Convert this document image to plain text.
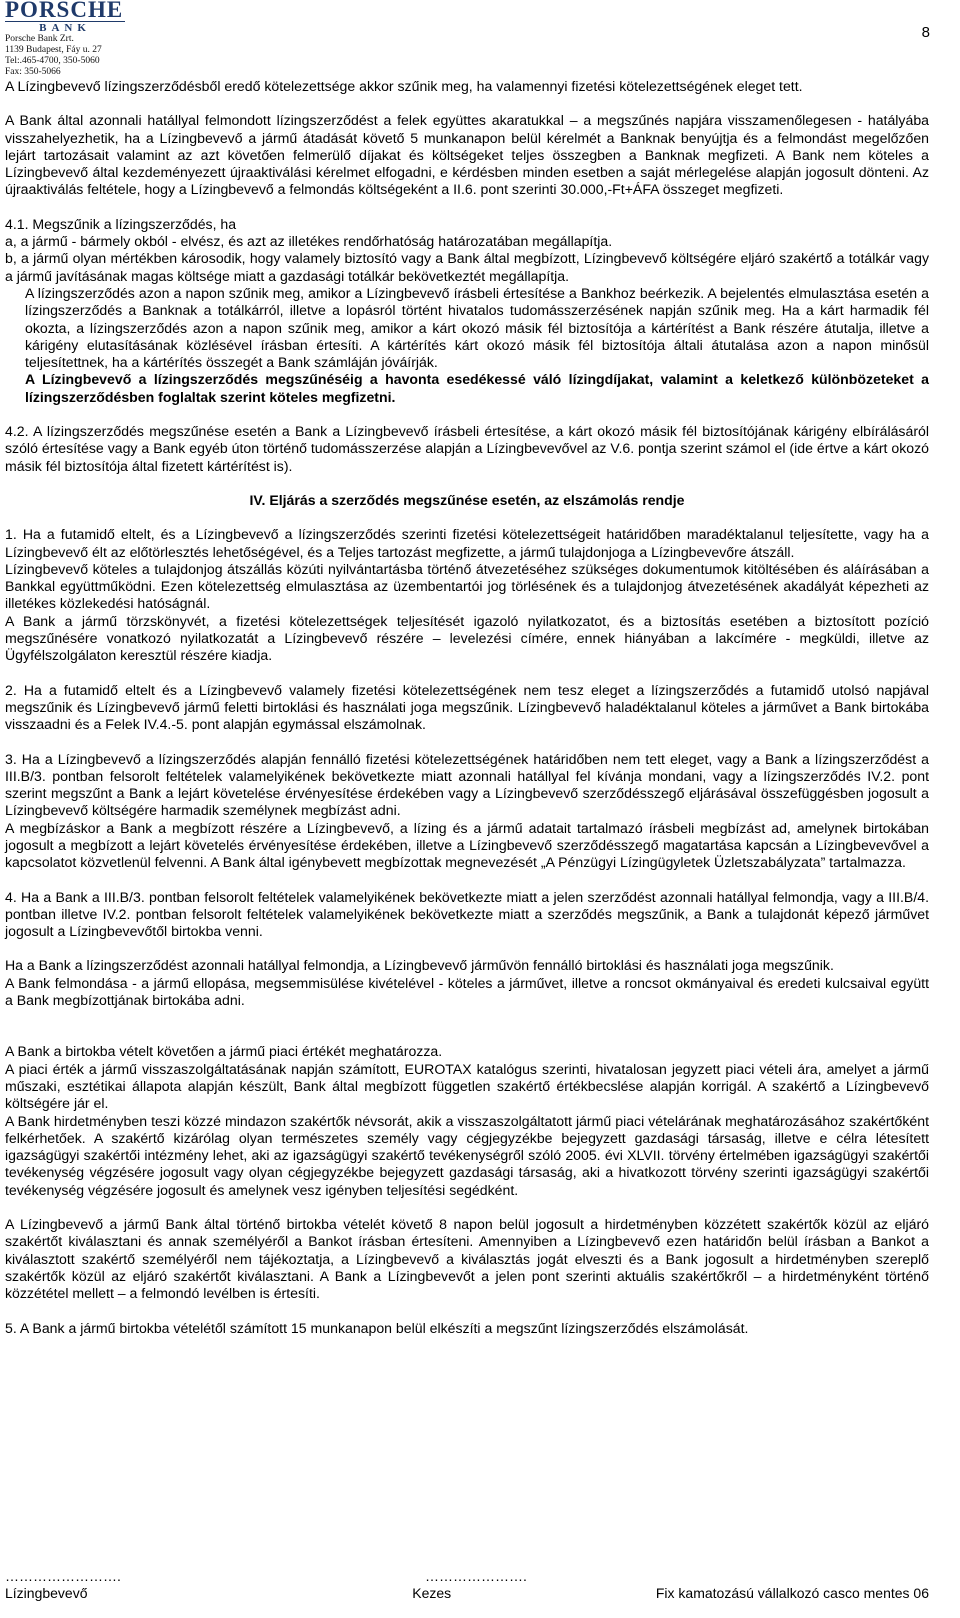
PORSCHE
BANK
Porsche Bank Zrt.
1139 Budapest, Fáy u. 27
Tel:.465-4700, 350-5060
Fax: 350-5066
8

A Lízingbevevő lízingszerződésből eredő kötelezettsége akkor szűnik meg, ha valamennyi fizetési kötelezettségének eleget tett.

A Bank által azonnali hatállyal felmondott lízingszerződést a felek együttes akaratukkal – a megszűnés napjára visszamenőlegesen - hatályába visszahelyezhetik, ha a Lízingbevevő a jármű átadását követő 5 munkanapon belül kérelmét a Banknak benyújtja és a felmondást megelőzően lejárt tartozásait valamint az azt követően felmerülő díjakat és költségeket teljes összegben a Banknak megfizeti. A Bank nem köteles a Lízingbevevő által kezdeményezett újraaktiválási kérelmet elfogadni, e kérdésben minden esetben a saját mérlegelése alapján jogosult dönteni. Az újraaktiválás feltétele, hogy a Lízingbevevő a felmondás költségeként a II.6. pont szerinti 30.000,-Ft+ÁFA összeget megfizeti.

4.1. Megszűnik a lízingszerződés, ha

a, a jármű - bármely okból - elvész, és azt az illetékes rendőrhatóság határozatában megállapítja.

b, a jármű olyan mértékben károsodik, hogy valamely biztosító vagy a Bank által megbízott, Lízingbevevő költségére eljáró szakértő a totálkár vagy a jármű javításának magas költsége miatt a gazdasági totálkár bekövetkeztét megállapítja.

A lízingszerződés azon a napon szűnik meg, amikor a Lízingbevevő írásbeli értesítése a Bankhoz beérkezik. A bejelentés elmulasztása esetén a lízingszerződés a Banknak a totálkárról, illetve a lopásról történt hivatalos tudomásszerzésének napján szűnik meg. Ha a kárt harmadik fél okozta, a lízingszerződés azon a napon szűnik meg, amikor a kárt okozó másik fél biztosítója a kártérítést a Bank részére átutalja, illetve a kárigény elutasításának közlésével írásban értesíti. A kártérítés kárt okozó másik fél biztosítója általi átutalása azon a napon minősül teljesítettnek, ha a kártérítés összegét a Bank számláján jóváírják.

A Lízingbevevő a lízingszerződés megszűnéséig a havonta esedékessé váló lízingdíjakat, valamint a keletkező különbözeteket a lízingszerződésben foglaltak szerint köteles megfizetni.

4.2. A lízingszerződés megszűnése esetén a Bank a Lízingbevevő írásbeli értesítése, a kárt okozó másik fél biztosítójának kárigény elbírálásáról szóló értesítése vagy a Bank egyéb úton történő tudomásszerzése alapján a Lízingbevevővel az V.6. pontja szerint számol el (ide értve a kárt okozó másik fél biztosítója által fizetett kártérítést is).

IV. Eljárás a szerződés megszűnése esetén, az elszámolás rendje

1. Ha a futamidő eltelt, és a Lízingbevevő a lízingszerződés szerinti fizetési kötelezettségeit határidőben maradéktalanul teljesítette, vagy ha a Lízingbevevő élt az előtörlesztés lehetőségével, és a Teljes tartozást megfizette, a jármű tulajdonjoga a Lízingbevevőre átszáll.

Lízingbevevő köteles a tulajdonjog átszállás közúti nyilvántartásba történő átvezetéséhez szükséges dokumentumok kitöltésében és aláírásában a Bankkal együttműködni. Ezen kötelezettség elmulasztása az üzembentartói jog törlésének és a tulajdonjog átvezetésének akadályát képezheti az illetékes közlekedési hatóságnál.

A Bank a jármű törzskönyvét, a fizetési kötelezettségek teljesítését igazoló nyilatkozatot, és a biztosítás esetében a biztosított pozíció megszűnésére vonatkozó nyilatkozatát a Lízingbevevő részére – levelezési címére, ennek hiányában a lakcímére - megküldi, illetve az Ügyfélszolgálaton keresztül részére kiadja.

2. Ha a futamidő eltelt és a Lízingbevevő valamely fizetési kötelezettségének nem tesz eleget a lízingszerződés a futamidő utolsó napjával megszűnik és Lízingbevevő jármű feletti birtoklási és használati joga megszűnik. Lízingbevevő haladéktalanul köteles a járművet a Bank birtokába visszaadni és a Felek IV.4.-5. pont alapján egymással elszámolnak.

3. Ha a Lízingbevevő a lízingszerződés alapján fennálló fizetési kötelezettségének határidőben nem tett eleget, vagy a Bank a lízingszerződést a III.B/3. pontban felsorolt feltételek valamelyikének bekövetkezte miatt azonnali hatállyal fel kívánja mondani, vagy a lízingszerződés IV.2. pont szerint megszűnt a Bank a lejárt követelése érvényesítése érdekében vagy a Lízingbevevő szerződésszegő eljárásával összefüggésben jogosult a Lízingbevevő költségére harmadik személynek megbízást adni.

A megbízáskor a Bank a megbízott részére a Lízingbevevő, a lízing és a jármű adatait tartalmazó írásbeli megbízást ad, amelynek birtokában jogosult a megbízott a lejárt követelés érvényesítése érdekében, illetve a Lízingbevevő szerződésszegő magatartása kapcsán a Lízingbevevővel a kapcsolatot közvetlenül felvenni. A Bank által igénybevett megbízottak megnevezését „A Pénzügyi Lízingügyletek Üzletszabályzata” tartalmazza.

4. Ha a Bank a III.B/3. pontban felsorolt feltételek valamelyikének bekövetkezte miatt a jelen szerződést azonnali hatállyal felmondja, vagy a III.B/4. pontban illetve IV.2. pontban felsorolt feltételek valamelyikének bekövetkezte miatt a szerződés megszűnik, a Bank a tulajdonát képező járművet jogosult a Lízingbevevőtől birtokba venni.

Ha a Bank a lízingszerződést azonnali hatállyal felmondja, a Lízingbevevő járművön fennálló birtoklási és használati joga megszűnik.

A Bank felmondása - a jármű ellopása, megsemmisülése kivételével - köteles a járművet, illetve a roncsot okmányaival és eredeti kulcsaival együtt a Bank megbízottjának birtokába adni.

A Bank a birtokba vételt követően a jármű piaci értékét meghatározza.

A piaci érték a jármű visszaszolgáltatásának napján számított, EUROTAX katalógus szerinti, hivatalosan jegyzett piaci vételi ára, amelyet a jármű műszaki, esztétikai állapota alapján készült, Bank által megbízott független szakértő értékbecslése alapján korrigál. A szakértő a Lízingbevevő költségére jár el.

A Bank hirdetményben teszi közzé mindazon szakértők névsorát, akik a visszaszolgáltatott jármű piaci vételárának meghatározásához szakértőként felkérhetőek. A szakértő kizárólag olyan természetes személy vagy cégjegyzékbe bejegyzett gazdasági társaság, illetve e célra létesített igazságügyi szakértői intézmény lehet, aki az igazságügyi szakértő tevékenységről szóló 2005. évi XLVII. törvény értelmében igazságügyi szakértői tevékenység végzésére jogosult vagy olyan cégjegyzékbe bejegyzett gazdasági társaság, aki a hivatkozott törvény szerinti igazságügyi szakértői tevékenység végzésére jogosult és amelynek vesz igényben teljesítési segédként.

A Lízingbevevő a jármű Bank által történő birtokba vételét követő 8 napon belül jogosult a hirdetményben közzétett szakértők közül az eljáró szakértőt kiválasztani és annak személyéről a Bankot írásban értesíteni. Amennyiben a Lízingbevevő ezen határidőn belül írásban a Bankot a kiválasztott szakértő személyéről nem tájékoztatja, a Lízingbevevő a kiválasztás jogát elveszti és a Bank jogosult a hirdetményben szereplő szakértők közül az eljáró szakértőt kiválasztani. A Bank a Lízingbevevőt a jelen pont szerinti aktuális szakértőkről – a hirdetményként történő közzététel mellett – a felmondó levélben is értesíti.

5. A Bank a jármű birtokba vételétől számított 15 munkanapon belül elkészíti a megszűnt lízingszerződés elszámolását.

…………………….	………………….
Lízingbevevő	Kezes	Fix kamatozású vállalkozó casco mentes 06
